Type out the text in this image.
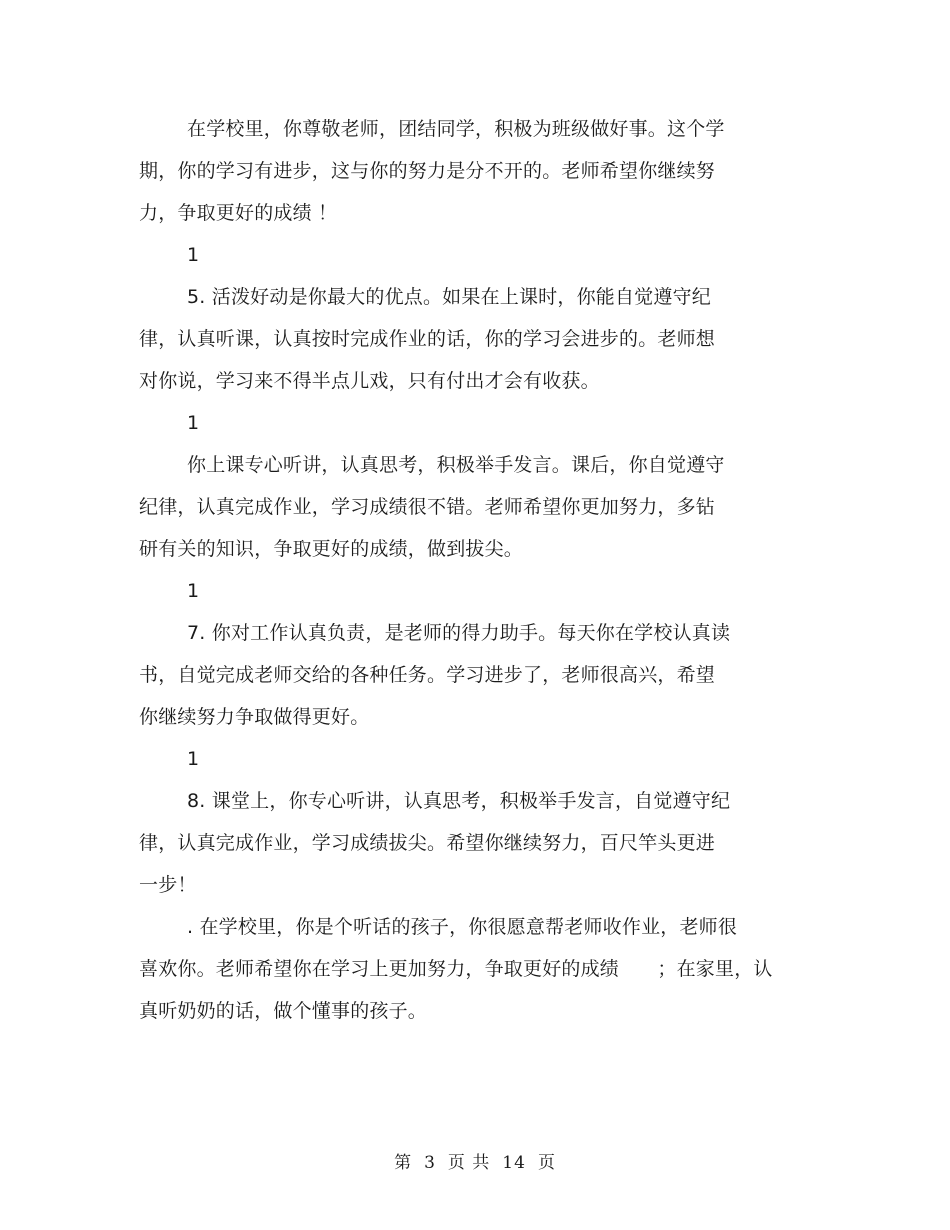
在学校里，你尊敬老师，团结同学，积极为班级做好事。这个学
期，你的学习有进步，这与你的努力是分不开的。老师希望你继续努
力，争取更好的成绩 ！

1

5. 活泼好动是你最大的优点。如果在上课时，你能自觉遵守纪
律，认真听课，认真按时完成作业的话，你的学习会进步的。老师想
对你说，学习来不得半点儿戏，只有付出才会有收获。

1

你上课专心听讲，认真思考，积极举手发言。课后，你自觉遵守
纪律，认真完成作业，学习成绩很不错。老师希望你更加努力，多钻
研有关的知识，争取更好的成绩，做到拔尖。

1

7. 你对工作认真负责，是老师的得力助手。每天你在学校认真读
书，自觉完成老师交给的各种任务。学习进步了，老师很高兴，希望
你继续努力争取做得更好。

1

8. 课堂上，你专心听讲，认真思考，积极举手发言，自觉遵守纪
律，认真完成作业，学习成绩拔尖。希望你继续努力，百尺竿头更进
一步！

. 在学校里，你是个听话的孩子，你很愿意帮老师收作业，老师很
喜欢你。老师希望你在学习上更加努力，争取更好的成绩　　；在家里，认
真听奶奶的话，做个懂事的孩子。

第 3 页 共 14 页
